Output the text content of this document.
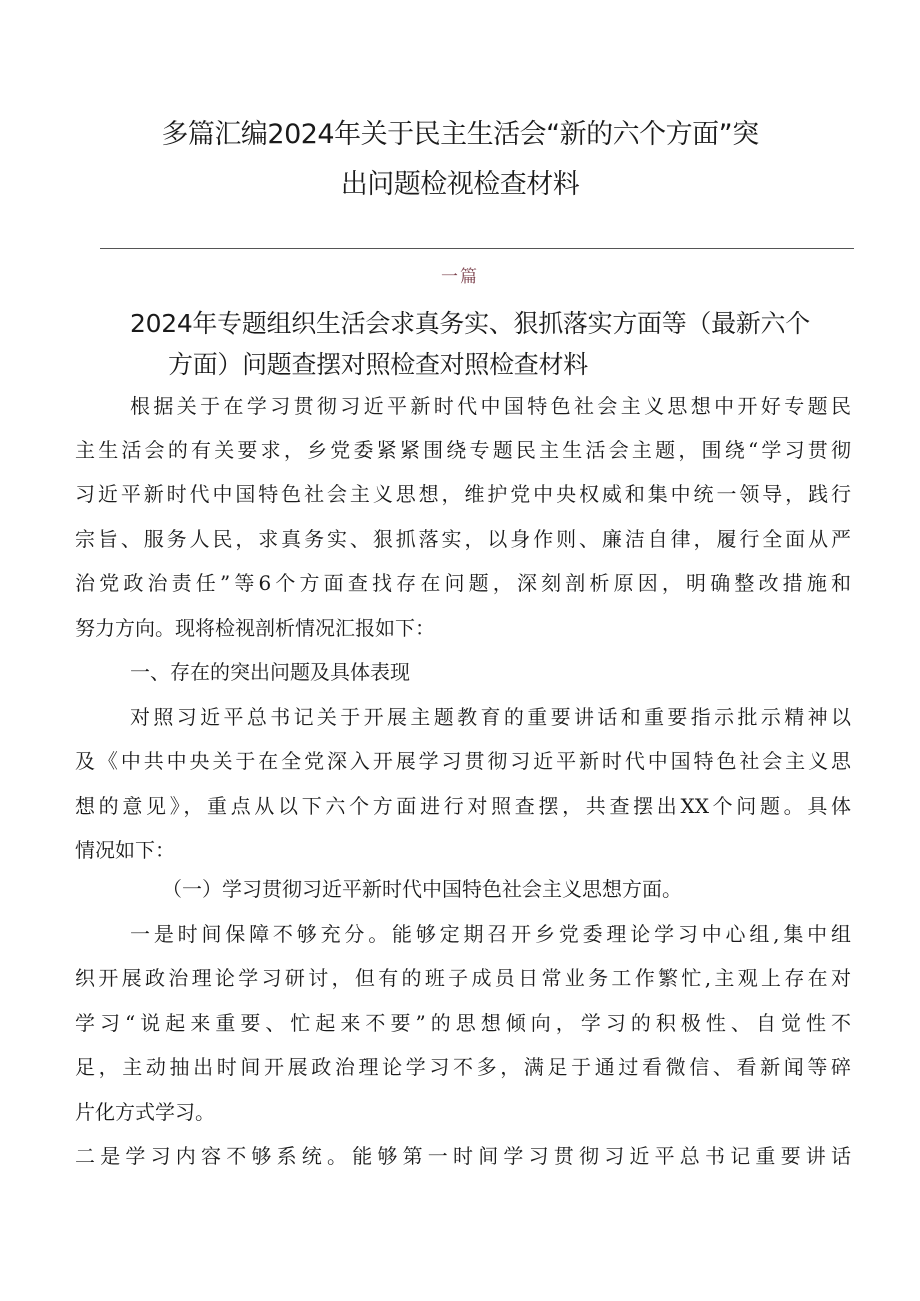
多篇汇编2024年关于民主生活会“新的六个方面”突
出问题检视检查材料
一篇
2024年专题组织生活会求真务实、狠抓落实方面等（最新六个
方面）问题查摆对照检查对照检查材料
根据关于在学习贯彻习近平新时代中国特色社会主义思想中开好专题民
主生活会的有关要求，乡党委紧紧围绕专题民主生活会主题，围绕“学习贯彻
习近平新时代中国特色社会主义思想，维护党中央权威和集中统一领导，践行
宗旨、服务人民，求真务实、狠抓落实，以身作则、廉洁自律，履行全面从严
治党政治责任”等6个方面查找存在问题，深刻剖析原因，明确整改措施和
努力方向。现将检视剖析情况汇报如下：
一、存在的突出问题及具体表现
对照习近平总书记关于开展主题教育的重要讲话和重要指示批示精神以
及《中共中央关于在全党深入开展学习贯彻习近平新时代中国特色社会主义思
想的意见》，重点从以下六个方面进行对照查摆，共查摆出XX个问题。具体
情况如下：
（一）学习贯彻习近平新时代中国特色社会主义思想方面。
一是时间保障不够充分。能够定期召开乡党委理论学习中心组,集中组
织开展政治理论学习研讨，但有的班子成员日常业务工作繁忙,主观上存在对
学习“说起来重要、忙起来不要”的思想倾向，学习的积极性、自觉性不
足，主动抽出时间开展政治理论学习不多，满足于通过看微信、看新闻等碎
片化方式学习。
二是学习内容不够系统。能够第一时间学习贯彻习近平总书记重要讲话
